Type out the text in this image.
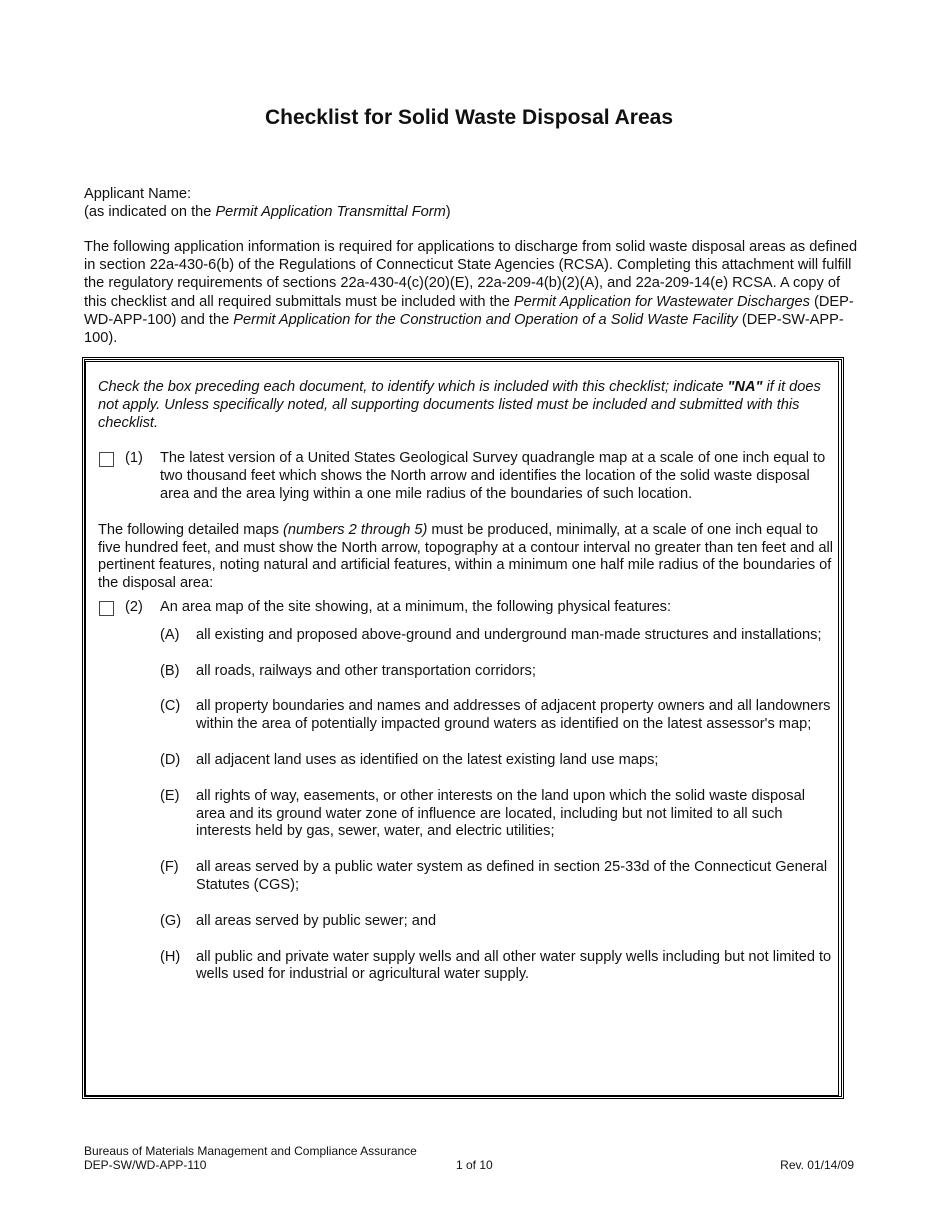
Checklist for Solid Waste Disposal Areas
Applicant Name:
(as indicated on the Permit Application Transmittal Form)
The following application information is required for applications to discharge from solid waste disposal areas as defined in section 22a-430-6(b) of the Regulations of Connecticut State Agencies (RCSA). Completing this attachment will fulfill the regulatory requirements of sections 22a-430-4(c)(20)(E), 22a-209-4(b)(2)(A), and 22a-209-14(e) RCSA. A copy of this checklist and all required submittals must be included with the Permit Application for Wastewater Discharges (DEP-WD-APP-100) and the Permit Application for the Construction and Operation of a Solid Waste Facility (DEP-SW-APP-100).

Check the box preceding each document, to identify which is included with this checklist; indicate "NA" if it does not apply. Unless specifically noted, all supporting documents listed must be included and submitted with this checklist.

(1) The latest version of a United States Geological Survey quadrangle map at a scale of one inch equal to two thousand feet which shows the North arrow and identifies the location of the solid waste disposal area and the area lying within a one mile radius of the boundaries of such location.

The following detailed maps (numbers 2 through 5) must be produced, minimally, at a scale of one inch equal to five hundred feet, and must show the North arrow, topography at a contour interval no greater than ten feet and all pertinent features, noting natural and artificial features, within a minimum one half mile radius of the boundaries of the disposal area:

(2) An area map of the site showing, at a minimum, the following physical features:
(A) all existing and proposed above-ground and underground man-made structures and installations;
(B) all roads, railways and other transportation corridors;
(C) all property boundaries and names and addresses of adjacent property owners and all landowners within the area of potentially impacted ground waters as identified on the latest assessor's map;
(D) all adjacent land uses as identified on the latest existing land use maps;
(E) all rights of way, easements, or other interests on the land upon which the solid waste disposal area and its ground water zone of influence are located, including but not limited to all such interests held by gas, sewer, water, and electric utilities;
(F) all areas served by a public water system as defined in section 25-33d of the Connecticut General Statutes (CGS);
(G) all areas served by public sewer; and
(H) all public and private water supply wells and all other water supply wells including but not limited to wells used for industrial or agricultural water supply.
Bureaus of Materials Management and Compliance Assurance
DEP-SW/WD-APP-110	1 of 10	Rev. 01/14/09
